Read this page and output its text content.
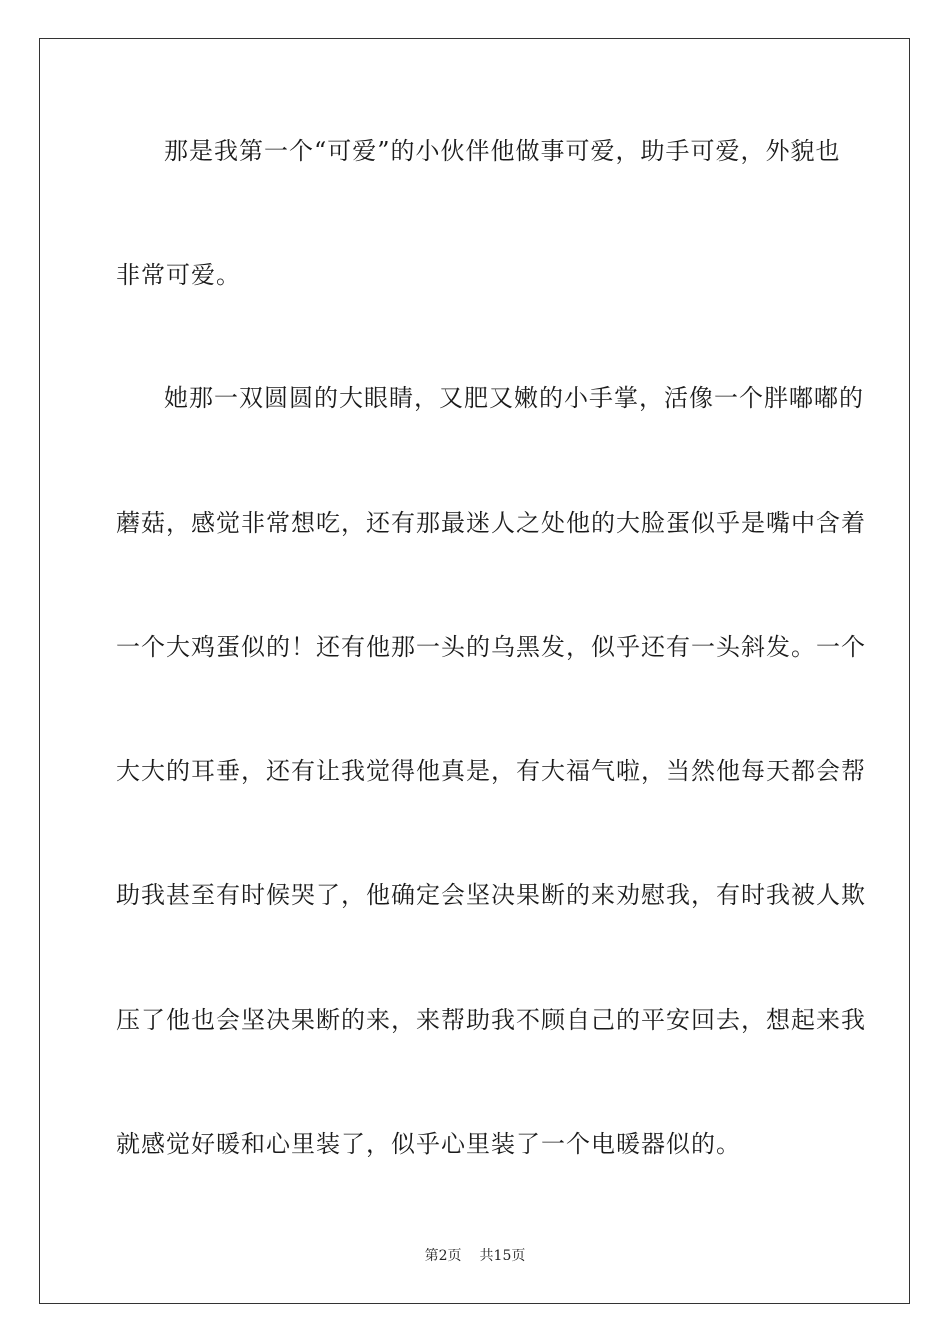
那是我第一个“可爱”的小伙伴他做事可爱，助手可爱，外貌也
非常可爱。
她那一双圆圆的大眼睛，又肥又嫩的小手掌，活像一个胖嘟嘟的
蘑菇，感觉非常想吃，还有那最迷人之处他的大脸蛋似乎是嘴中含着
一个大鸡蛋似的！还有他那一头的乌黑发，似乎还有一头斜发。一个
大大的耳垂，还有让我觉得他真是，有大福气啦，当然他每天都会帮
助我甚至有时候哭了，他确定会坚决果断的来劝慰我，有时我被人欺
压了他也会坚决果断的来，来帮助我不顾自己的平安回去，想起来我
就感觉好暖和心里装了，似乎心里装了一个电暖器似的。
第2页 共15页
